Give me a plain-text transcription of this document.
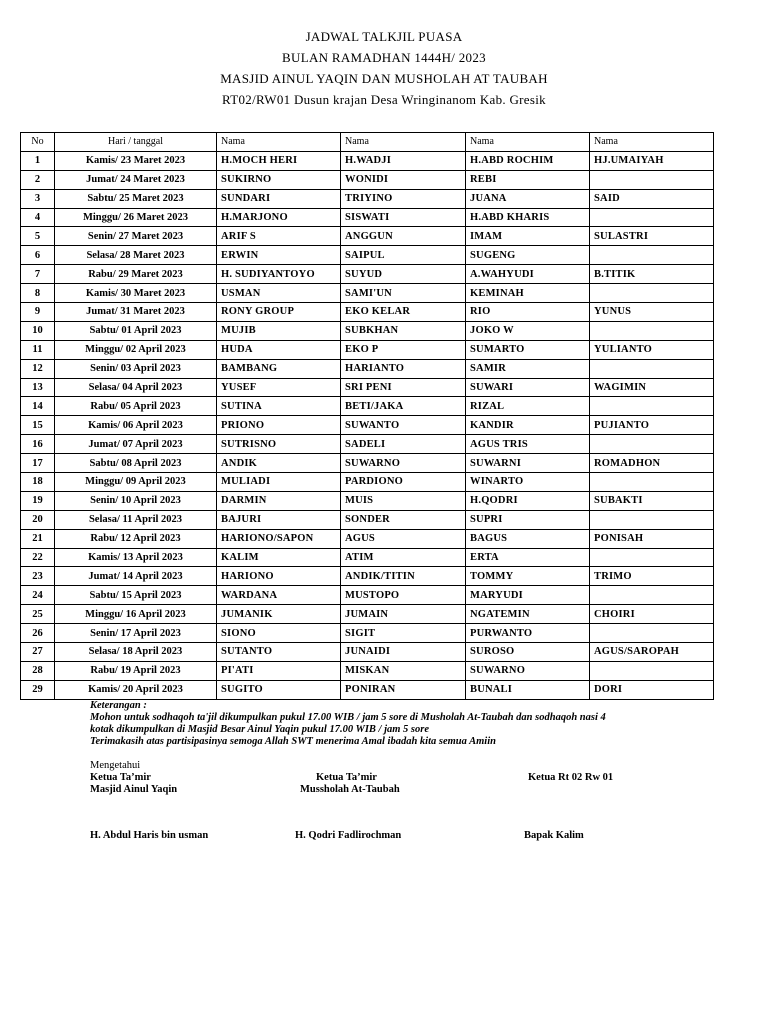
JADWAL TALKJIL PUASA
BULAN RAMADHAN 1444H/ 2023
MASJID AINUL YAQIN DAN MUSHOLAH AT TAUBAH
RT02/RW01 Dusun krajan Desa Wringinanom Kab. Gresik
No	Hari / tanggal	Nama	Nama	Nama	Nama
1	Kamis/ 23 Maret 2023	H.MOCH HERI	H.WADJI	H.ABD ROCHIM	HJ.UMAIYAH
2	Jumat/ 24 Maret 2023	SUKIRNO	WONIDI	REBI	
3	Sabtu/ 25 Maret 2023	SUNDARI	TRIYINO	JUANA	SAID
4	Minggu/ 26 Maret 2023	H.MARJONO	SISWATI	H.ABD KHARIS	
5	Senin/ 27 Maret 2023	ARIF S	ANGGUN	IMAM	SULASTRI
6	Selasa/ 28 Maret 2023	ERWIN	SAIPUL	SUGENG	
7	Rabu/ 29 Maret 2023	H. SUDIYANTOYO	SUYUD	A.WAHYUDI	B.TITIK
8	Kamis/ 30 Maret 2023	USMAN	SAMI'UN	KEMINAH	
9	Jumat/ 31 Maret 2023	RONY GROUP	EKO KELAR	RIO	YUNUS
10	Sabtu/ 01 April 2023	MUJIB	SUBKHAN	JOKO W	
11	Minggu/ 02 April 2023	HUDA	EKO P	SUMARTO	YULIANTO
12	Senin/ 03 April 2023	BAMBANG	HARIANTO	SAMIR	
13	Selasa/ 04 April 2023	YUSEF	SRI PENI	SUWARI	WAGIMIN
14	Rabu/ 05 April 2023	SUTINA	BETI/JAKA	RIZAL	
15	Kamis/ 06 April 2023	PRIONO	SUWANTO	KANDIR	PUJIANTO
16	Jumat/ 07 April 2023	SUTRISNO	SADELI	AGUS TRIS	
17	Sabtu/ 08 April 2023	ANDIK	SUWARNO	SUWARNI	ROMADHON
18	Minggu/ 09 April 2023	MULIADI	PARDIONO	WINARTO	
19	Senin/ 10 April 2023	DARMIN	MUIS	H.QODRI	SUBAKTI
20	Selasa/ 11 April 2023	BAJURI	SONDER	SUPRI	
21	Rabu/ 12 April 2023	HARIONO/SAPON	AGUS	BAGUS	PONISAH
22	Kamis/ 13 April 2023	KALIM	ATIM	ERTA	
23	Jumat/ 14 April 2023	HARIONO	ANDIK/TITIN	TOMMY	TRIMO
24	Sabtu/ 15 April 2023	WARDANA	MUSTOPO	MARYUDI	
25	Minggu/ 16 April 2023	JUMANIK	JUMAIN	NGATEMIN	CHOIRI
26	Senin/ 17 April 2023	SIONO	SIGIT	PURWANTO	
27	Selasa/ 18 April 2023	SUTANTO	JUNAIDI	SUROSO	AGUS/SAROPAH
28	Rabu/ 19 April 2023	PI'ATI	MISKAN	SUWARNO	
29	Kamis/ 20 April 2023	SUGITO	PONIRAN	BUNALI	DORI
Keterangan :
Mohon untuk sodhaqoh ta'jil dikumpulkan pukul 17.00 WIB / jam 5 sore di Musholah At-Taubah dan sodhaqoh nasi 4
kotak dikumpulkan di Masjid Besar Ainul Yaqin pukul 17.00 WIB / jam 5 sore
Terimakasih atas partisipasinya semoga Allah SWT menerima Amal ibadah kita semua Amiin
Mengetahui
Ketua Ta’mir
Masjid Ainul Yaqin
Ketua Ta’mir
Mussholah At-Taubah
Ketua Rt 02 Rw 01
H. Abdul Haris bin usman	H. Qodri Fadlirochman	Bapak Kalim
